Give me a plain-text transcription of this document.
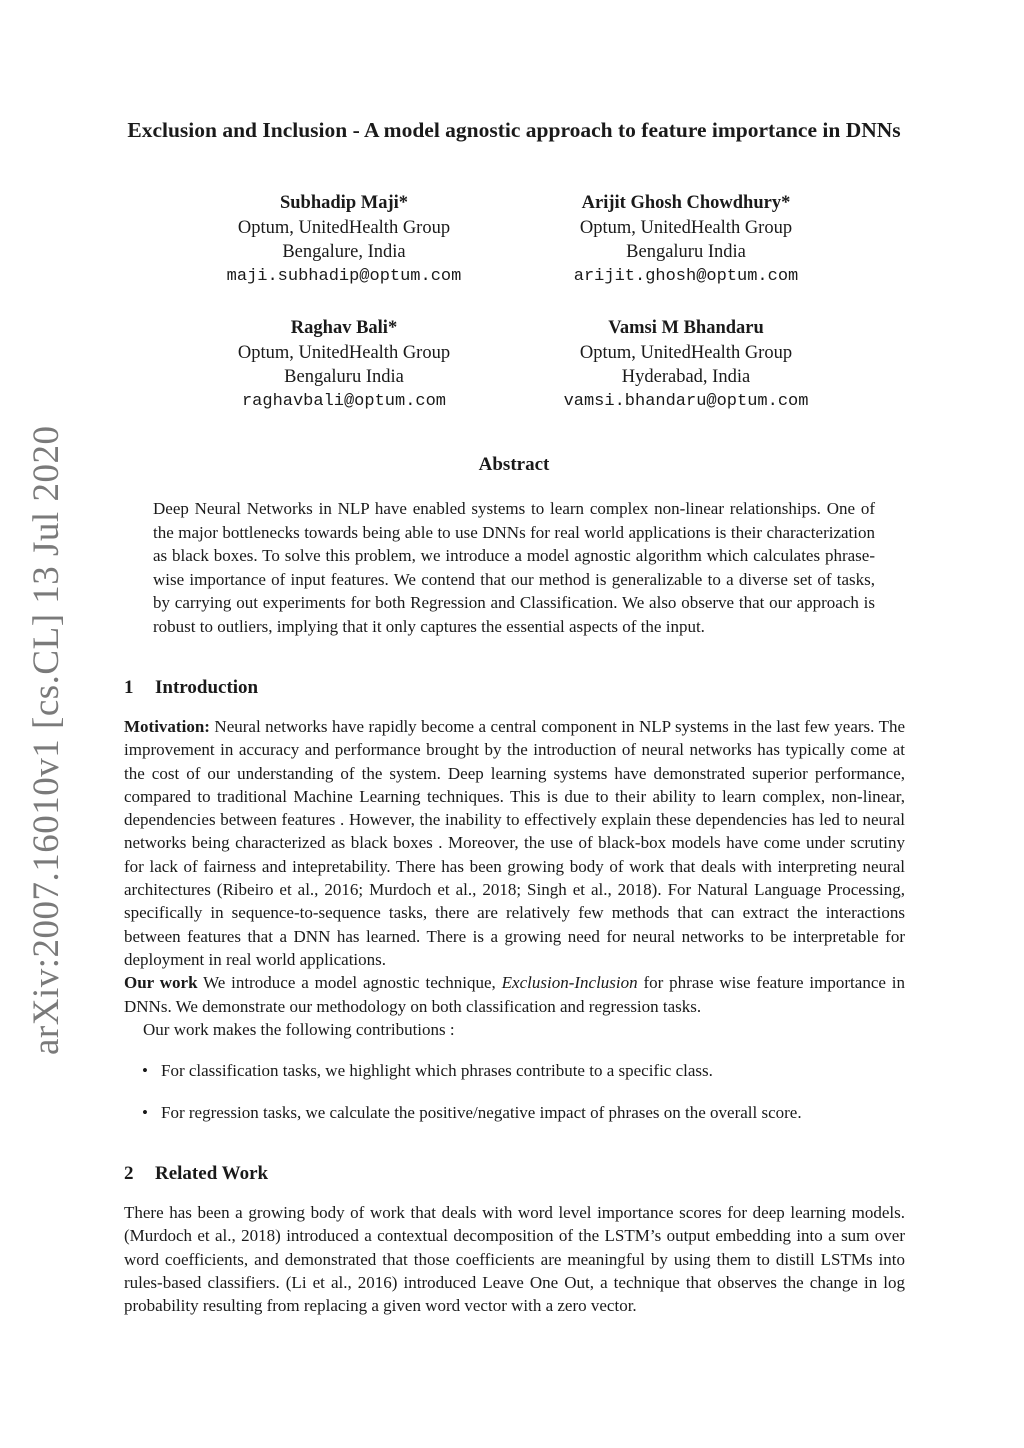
arXiv:2007.16010v1 [cs.CL] 13 Jul 2020
Exclusion and Inclusion - A model agnostic approach to feature importance in DNNs
Subhadip Maji*
Optum, UnitedHealth Group
Bengalure, India
maji.subhadip@optum.com
Arijit Ghosh Chowdhury*
Optum, UnitedHealth Group
Bengaluru India
arijit.ghosh@optum.com
Raghav Bali*
Optum, UnitedHealth Group
Bengaluru India
raghavbali@optum.com
Vamsi M Bhandaru
Optum, UnitedHealth Group
Hyderabad, India
vamsi.bhandaru@optum.com
Abstract
Deep Neural Networks in NLP have enabled systems to learn complex non-linear relationships. One of the major bottlenecks towards being able to use DNNs for real world applications is their characterization as black boxes. To solve this problem, we introduce a model agnostic algorithm which calculates phrase-wise importance of input features. We contend that our method is generalizable to a diverse set of tasks, by carrying out experiments for both Regression and Classification. We also observe that our approach is robust to outliers, implying that it only captures the essential aspects of the input.
1 Introduction

Motivation: Neural networks have rapidly become a central component in NLP systems in the last few years. The improvement in accuracy and performance brought by the introduction of neural networks has typically come at the cost of our understanding of the system. Deep learning systems have demonstrated superior performance, compared to traditional Machine Learning techniques. This is due to their ability to learn complex, non-linear, dependencies between features . However, the inability to effectively explain these dependencies has led to neural networks being characterized as black boxes . Moreover, the use of black-box models have come under scrutiny for lack of fairness and intepretability. There has been growing body of work that deals with interpreting neural architectures (Ribeiro et al., 2016; Murdoch et al., 2018; Singh et al., 2018). For Natural Language Processing, specifically in sequence-to-sequence tasks, there are relatively few methods that can extract the interactions between features that a DNN has learned. There is a growing need for neural networks to be interpretable for deployment in real world applications.

Our work We introduce a model agnostic technique, Exclusion-Inclusion for phrase wise feature importance in DNNs. We demonstrate our methodology on both classification and regression tasks.

Our work makes the following contributions :

• For classification tasks, we highlight which phrases contribute to a specific class.
• For regression tasks, we calculate the positive/negative impact of phrases on the overall score.
2 Related Work

There has been a growing body of work that deals with word level importance scores for deep learning models. (Murdoch et al., 2018) introduced a contextual decomposition of the LSTM’s output embedding into a sum over word coefficients, and demonstrated that those coefficients are meaningful by using them to distill LSTMs into rules-based classifiers. (Li et al., 2016) introduced Leave One Out, a technique that observes the change in log probability resulting from replacing a given word vector with a zero vector.
